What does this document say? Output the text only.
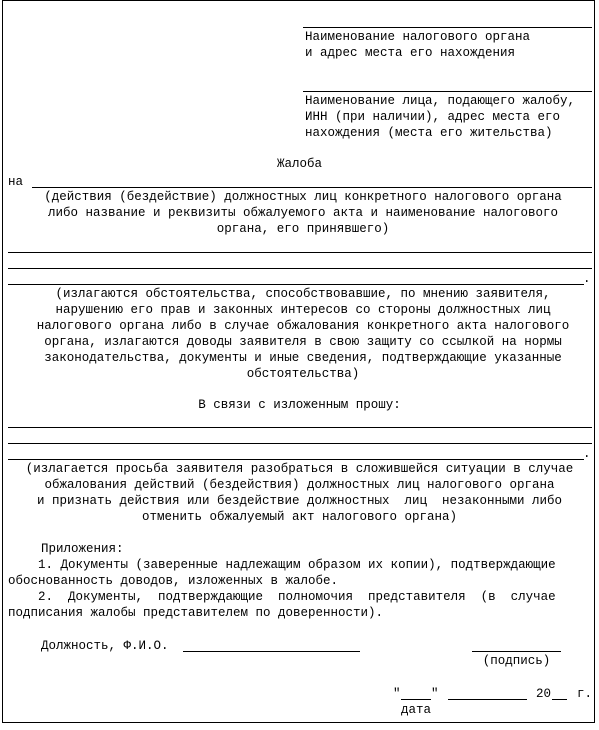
Наименование налогового органа
и адрес места его нахождения
Наименование лица, подающего жалобу,
ИНН (при наличии), адрес места его
нахождения (места его жительства)
Жалоба
на
(действия (бездействие) должностных лиц конкретного налогового органа
либо название и реквизиты обжалуемого акта и наименование налогового
органа, его принявшего)
.
(излагаются обстоятельства, способствовавшие, по мнению заявителя,
нарушению его прав и законных интересов со стороны должностных лиц
налогового органа либо в случае обжалования конкретного акта налогового
органа, излагаются доводы заявителя в свою защиту со ссылкой на нормы
законодательства, документы и иные сведения, подтверждающие указанные
обстоятельства)
В связи с изложенным прошу:
.
(излагается просьба заявителя разобраться в сложившейся ситуации в случае
обжалования действий (бездействия) должностных лиц налогового органа
и признать действия или бездействие должностных  лиц  незаконными либо
отменить обжалуемый акт налогового органа)
Приложения:
1. Документы (заверенные надлежащим образом их копии), подтверждающие
обоснованность доводов, изложенных в жалобе.
2.  Документы,  подтверждающие  полномочия  представителя  (в  случае
подписания жалобы представителем по доверенности).
Должность, Ф.И.О.
(подпись)
" "	20 г.
дата
